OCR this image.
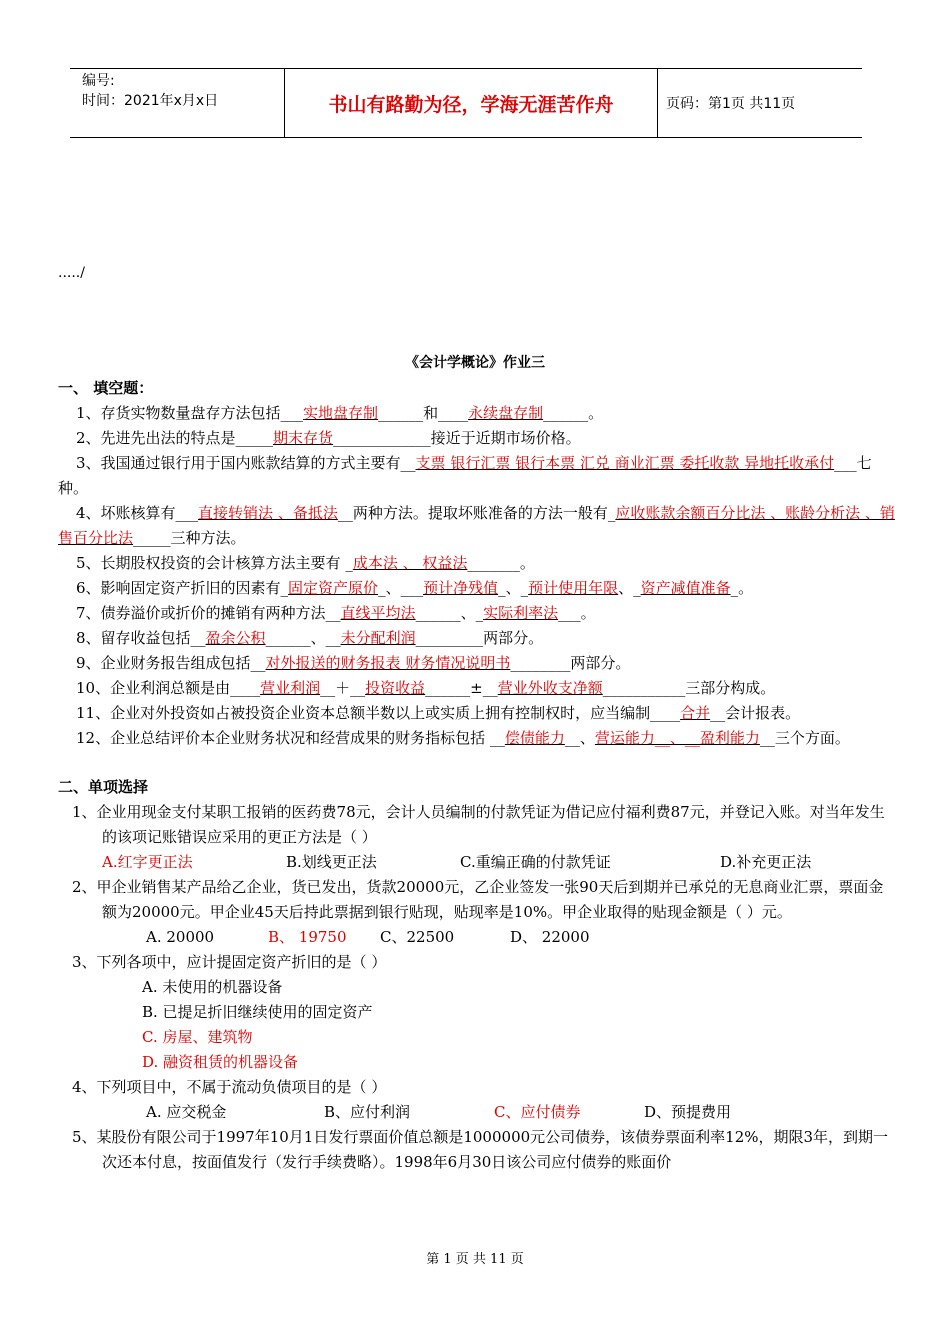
编号:
时间：2021年x月x日	书山有路勤为径，学海无涯苦作舟	页码：第1页 共11页
...../
《会计学概论》作业三
一、 填空题：
1、存货实物数量盘存方法包括___实地盘存制______和____永续盘存制______。
2、先进先出法的特点是_____期末存货_____________接近于近期市场价格。
3、我国通过银行用于国内账款结算的方式主要有__支票 银行汇票 银行本票 汇兑 商业汇票 委托收款 异地托收承付___七种。
4、坏账核算有___直接转销法 、备抵法__两种方法。提取坏账准备的方法一般有_应收账款余额百分比法 、账龄分析法 、销售百分比法_____三种方法。
5、长期股权投资的会计核算方法主要有 _成本法 、 权益法_______。
6、影响固定资产折旧的因素有_固定资产原价_、___预计净残值_、_预计使用年限、_资产减值准备_。
7、债券溢价或折价的摊销有两种方法__直线平均法______、_实际利率法___。
8、留存收益包括__盈余公积______、__未分配利润_________两部分。
9、企业财务报告组成包括__对外报送的财务报表 财务情况说明书________两部分。
10、企业利润总额是由____营业利润__＋__投资收益______±__营业外收支净额___________三部分构成。
11、企业对外投资如占被投资企业资本总额半数以上或实质上拥有控制权时，应当编制____合并__会计报表。
12、企业总结评价本企业财务状况和经营成果的财务指标包括 __偿债能力__、营运能力__、__盈利能力__三个方面。
二、单项选择
1、企业用现金支付某职工报销的医药费78元，会计人员编制的付款凭证为借记应付福利费87元，并登记入账。对当年发生的该项记账错误应采用的更正方法是（ ）
A.红字更正法	B.划线更正法	C.重编正确的付款凭证	D.补充更正法
2、甲企业销售某产品给乙企业，货已发出，货款20000元，乙企业签发一张90天后到期并已承兑的无息商业汇票，票面金额为20000元。甲企业45天后持此票据到银行贴现，贴现率是10%。甲企业取得的贴现金额是（ ）元。
A. 20000	B、 19750	C、22500	D、 22000
3、下列各项中，应计提固定资产折旧的是（ ）
A. 未使用的机器设备
B. 已提足折旧继续使用的固定资产
C. 房屋、建筑物
D. 融资租赁的机器设备
4、下列项目中，不属于流动负债项目的是（ ）
A. 应交税金	B、应付利润	C、应付债券	D、预提费用
5、某股份有限公司于1997年10月1日发行票面价值总额是1000000元公司债券，该债券票面利率12%，期限3年，到期一次还本付息，按面值发行（发行手续费略）。1998年6月30日该公司应付债券的账面价
第 1 页 共 11 页
